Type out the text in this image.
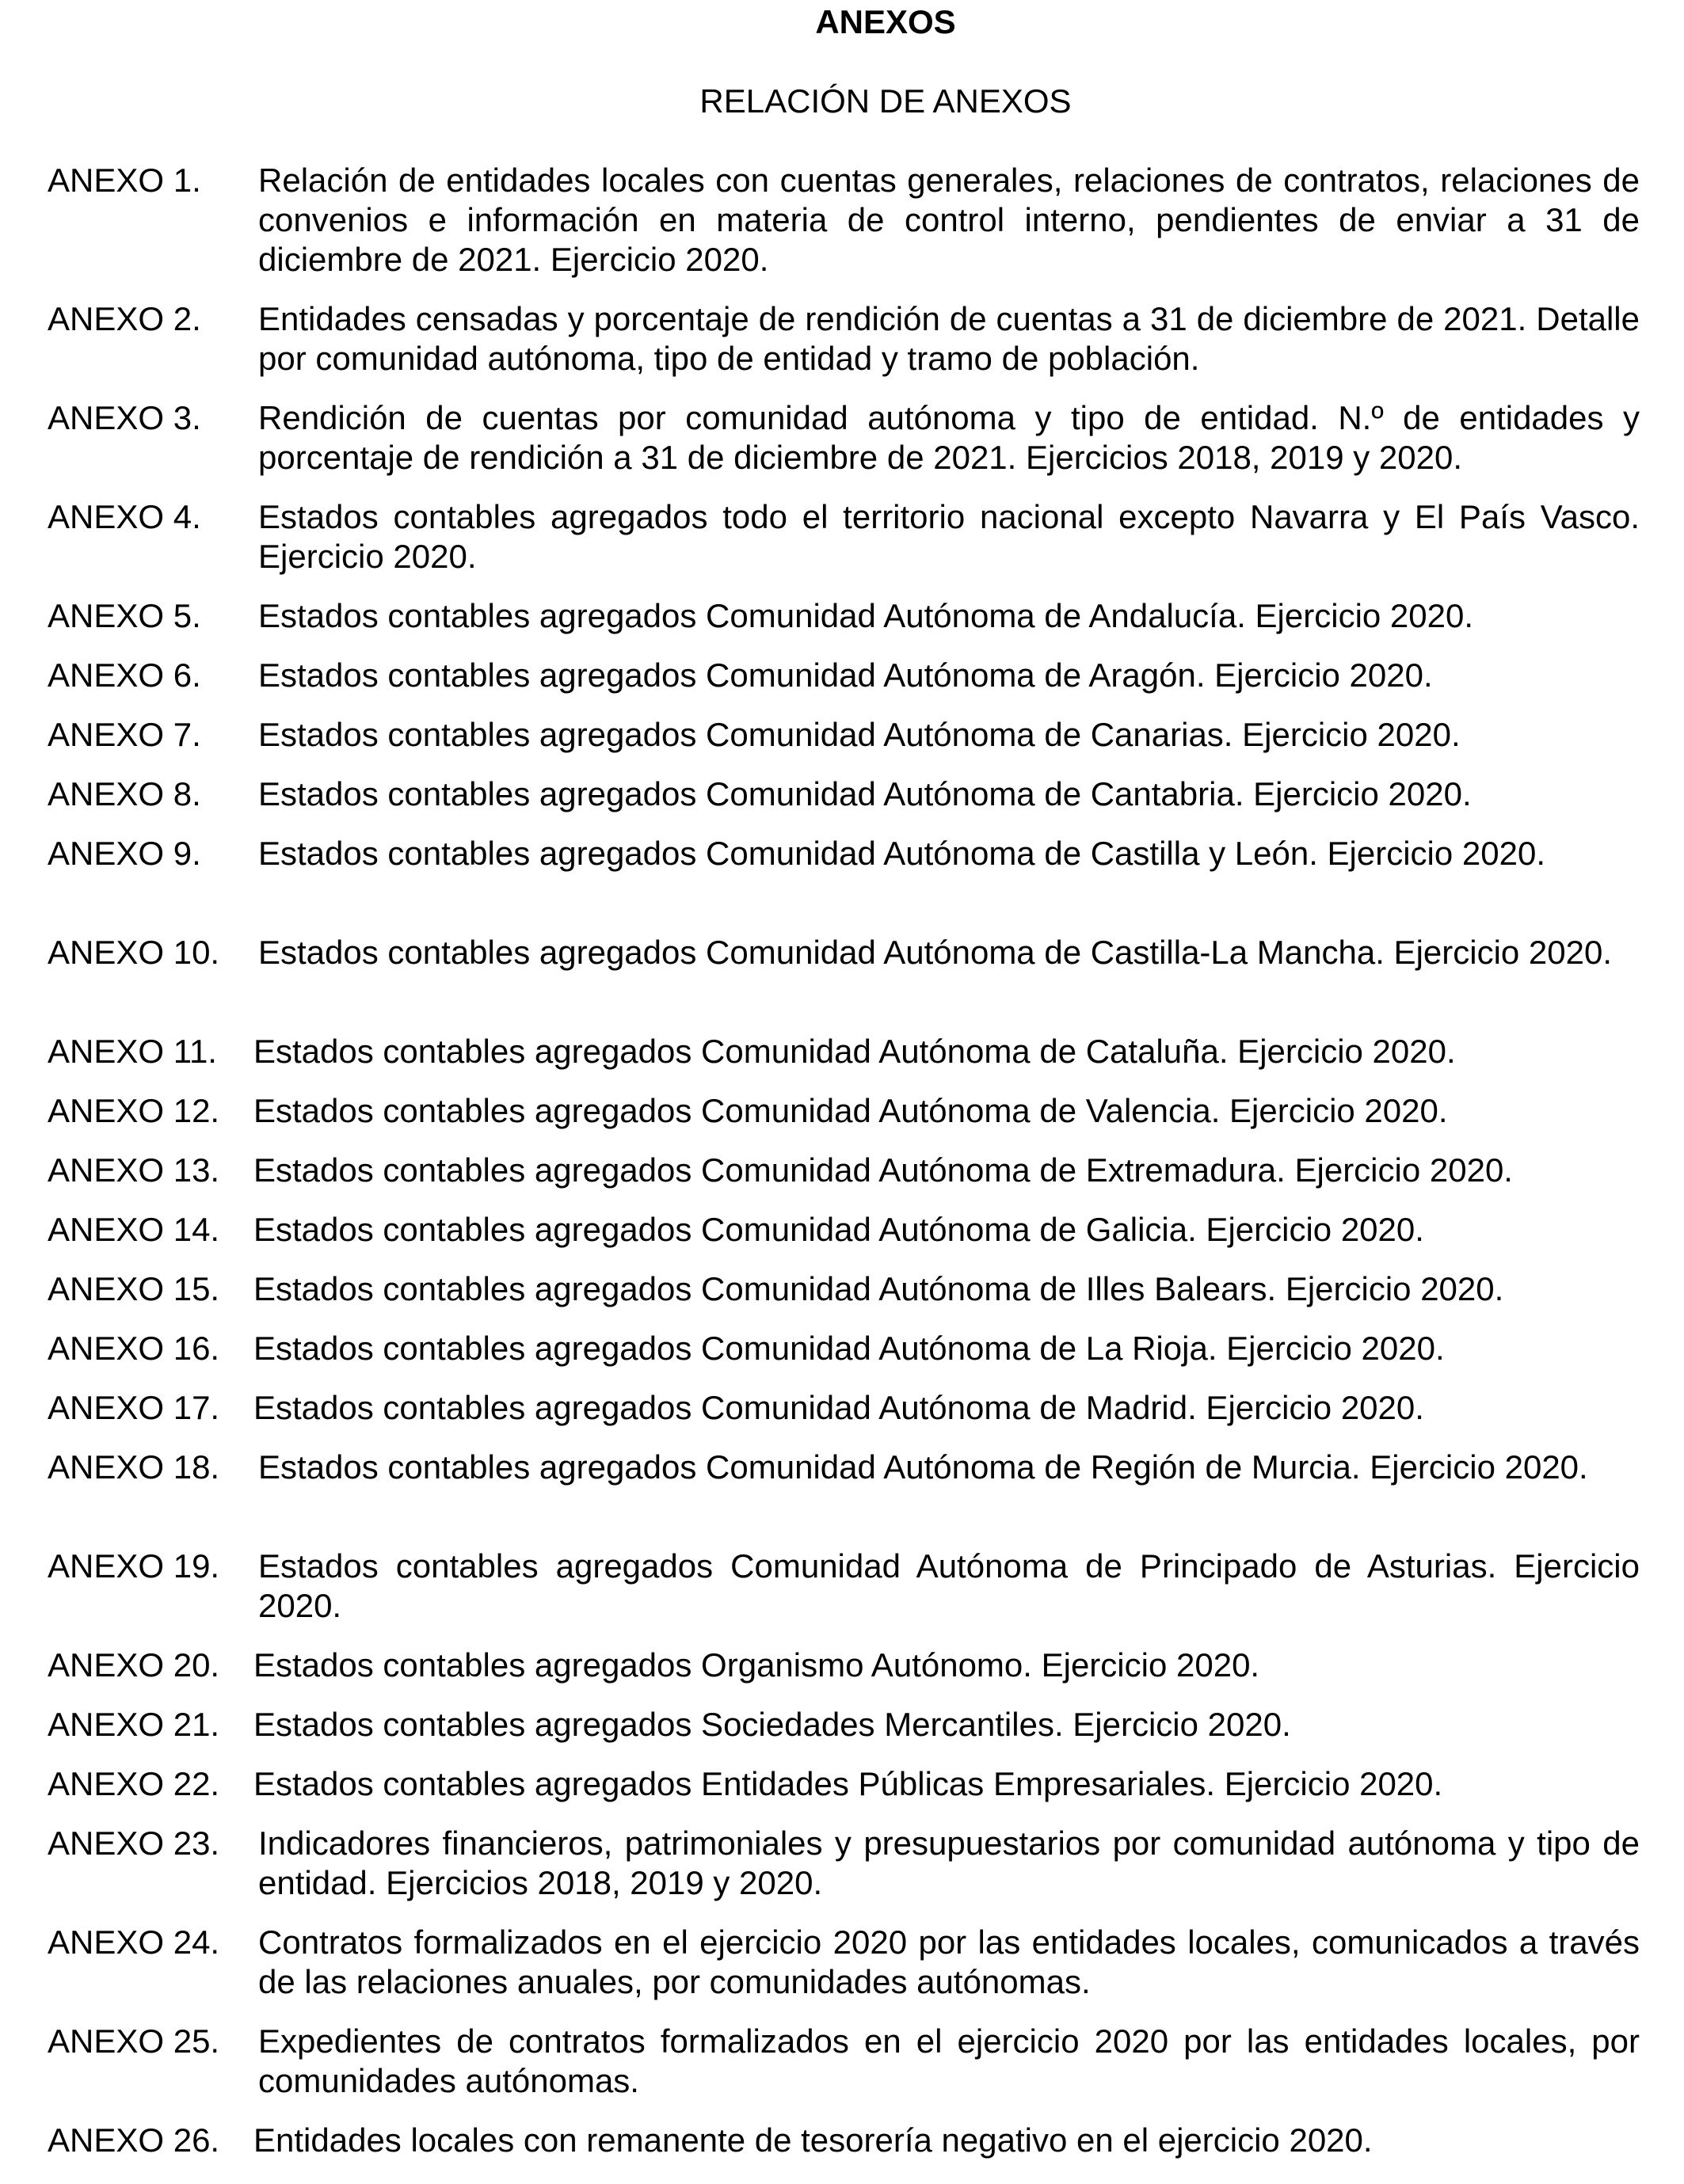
ANEXOS
RELACIÓN DE ANEXOS
ANEXO 1. Relación de entidades locales con cuentas generales, relaciones de contratos, relaciones de convenios e información en materia de control interno, pendientes de enviar a 31 de diciembre de 2021. Ejercicio 2020.
ANEXO 2. Entidades censadas y porcentaje de rendición de cuentas a 31 de diciembre de 2021. Detalle por comunidad autónoma, tipo de entidad y tramo de población.
ANEXO 3. Rendición de cuentas por comunidad autónoma y tipo de entidad. N.º de entidades y porcentaje de rendición a 31 de diciembre de 2021. Ejercicios 2018, 2019 y 2020.
ANEXO 4. Estados contables agregados todo el territorio nacional excepto Navarra y El País Vasco. Ejercicio 2020.
ANEXO 5. Estados contables agregados Comunidad Autónoma de Andalucía. Ejercicio 2020.
ANEXO 6. Estados contables agregados Comunidad Autónoma de Aragón. Ejercicio 2020.
ANEXO 7. Estados contables agregados Comunidad Autónoma de Canarias. Ejercicio 2020.
ANEXO 8. Estados contables agregados Comunidad Autónoma de Cantabria. Ejercicio 2020.
ANEXO 9. Estados contables agregados Comunidad Autónoma de Castilla y León. Ejercicio 2020.
ANEXO 10. Estados contables agregados Comunidad Autónoma de Castilla-La Mancha. Ejercicio 2020.
ANEXO 11. Estados contables agregados Comunidad Autónoma de Cataluña. Ejercicio 2020.
ANEXO 12. Estados contables agregados Comunidad Autónoma de Valencia. Ejercicio 2020.
ANEXO 13. Estados contables agregados Comunidad Autónoma de Extremadura. Ejercicio 2020.
ANEXO 14. Estados contables agregados Comunidad Autónoma de Galicia. Ejercicio 2020.
ANEXO 15. Estados contables agregados Comunidad Autónoma de Illes Balears. Ejercicio 2020.
ANEXO 16. Estados contables agregados Comunidad Autónoma de La Rioja. Ejercicio 2020.
ANEXO 17. Estados contables agregados Comunidad Autónoma de Madrid. Ejercicio 2020.
ANEXO 18. Estados contables agregados Comunidad Autónoma de Región de Murcia. Ejercicio 2020.
ANEXO 19. Estados contables agregados Comunidad Autónoma de Principado de Asturias. Ejercicio 2020.
ANEXO 20. Estados contables agregados Organismo Autónomo. Ejercicio 2020.
ANEXO 21. Estados contables agregados Sociedades Mercantiles. Ejercicio 2020.
ANEXO 22. Estados contables agregados Entidades Públicas Empresariales. Ejercicio 2020.
ANEXO 23. Indicadores financieros, patrimoniales y presupuestarios por comunidad autónoma y tipo de entidad. Ejercicios 2018, 2019 y 2020.
ANEXO 24. Contratos formalizados en el ejercicio 2020 por las entidades locales, comunicados a través de las relaciones anuales, por comunidades autónomas.
ANEXO 25. Expedientes de contratos formalizados en el ejercicio 2020 por las entidades locales, por comunidades autónomas.
ANEXO 26. Entidades locales con remanente de tesorería negativo en el ejercicio 2020.
